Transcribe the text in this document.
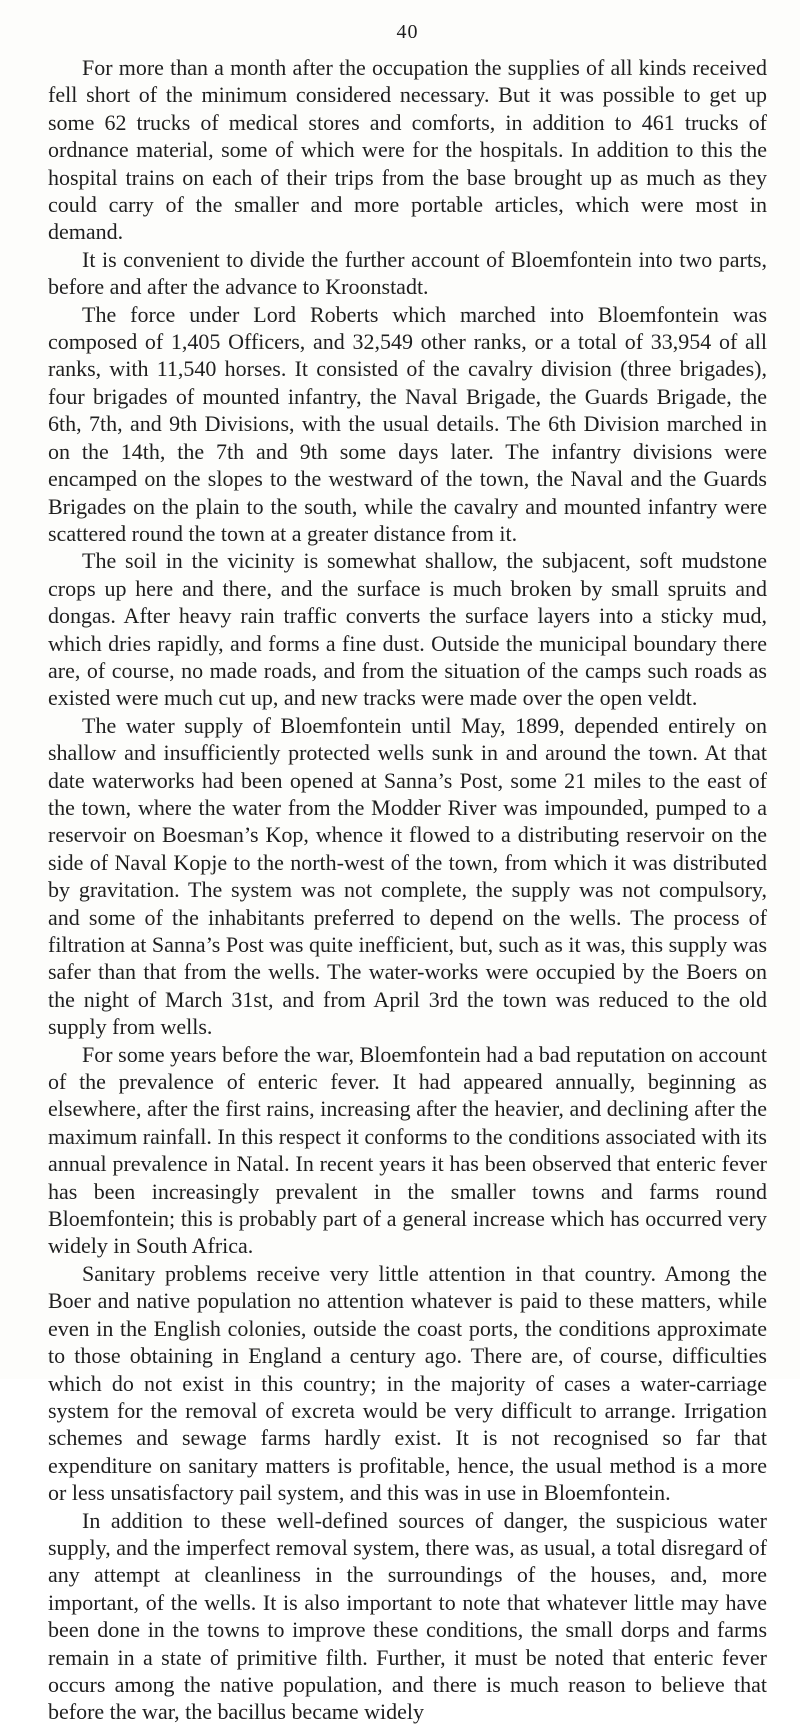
40

For more than a month after the occupation the supplies of all kinds received fell short of the minimum considered necessary. But it was possible to get up some 62 trucks of medical stores and comforts, in addition to 461 trucks of ordnance material, some of which were for the hospitals. In addition to this the hospital trains on each of their trips from the base brought up as much as they could carry of the smaller and more portable articles, which were most in demand.

It is convenient to divide the further account of Bloemfontein into two parts, before and after the advance to Kroonstadt.

The force under Lord Roberts which marched into Bloemfontein was composed of 1,405 Officers, and 32,549 other ranks, or a total of 33,954 of all ranks, with 11,540 horses. It consisted of the cavalry division (three brigades), four brigades of mounted infantry, the Naval Brigade, the Guards Brigade, the 6th, 7th, and 9th Divisions, with the usual details. The 6th Division marched in on the 14th, the 7th and 9th some days later. The infantry divisions were encamped on the slopes to the westward of the town, the Naval and the Guards Brigades on the plain to the south, while the cavalry and mounted infantry were scattered round the town at a greater distance from it.

The soil in the vicinity is somewhat shallow, the subjacent, soft mudstone crops up here and there, and the surface is much broken by small spruits and dongas. After heavy rain traffic converts the surface layers into a sticky mud, which dries rapidly, and forms a fine dust. Outside the municipal boundary there are, of course, no made roads, and from the situation of the camps such roads as existed were much cut up, and new tracks were made over the open veldt.

The water supply of Bloemfontein until May, 1899, depended entirely on shallow and insufficiently protected wells sunk in and around the town. At that date waterworks had been opened at Sanna’s Post, some 21 miles to the east of the town, where the water from the Modder River was impounded, pumped to a reservoir on Boesman’s Kop, whence it flowed to a distributing reservoir on the side of Naval Kopje to the north-west of the town, from which it was distributed by gravitation. The system was not complete, the supply was not compulsory, and some of the inhabitants preferred to depend on the wells. The process of filtration at Sanna’s Post was quite inefficient, but, such as it was, this supply was safer than that from the wells. The water-works were occupied by the Boers on the night of March 31st, and from April 3rd the town was reduced to the old supply from wells.

For some years before the war, Bloemfontein had a bad reputation on account of the prevalence of enteric fever. It had appeared annually, beginning as elsewhere, after the first rains, increasing after the heavier, and declining after the maximum rainfall. In this respect it conforms to the conditions associated with its annual prevalence in Natal. In recent years it has been observed that enteric fever has been increasingly prevalent in the smaller towns and farms round Bloemfontein; this is probably part of a general increase which has occurred very widely in South Africa.

Sanitary problems receive very little attention in that country. Among the Boer and native population no attention whatever is paid to these matters, while even in the English colonies, outside the coast ports, the conditions approximate to those obtaining in England a century ago. There are, of course, difficulties which do not exist in this country; in the majority of cases a water-carriage system for the removal of excreta would be very difficult to arrange. Irrigation schemes and sewage farms hardly exist. It is not recognised so far that expenditure on sanitary matters is profitable, hence, the usual method is a more or less unsatisfactory pail system, and this was in use in Bloemfontein.

In addition to these well-defined sources of danger, the suspicious water supply, and the imperfect removal system, there was, as usual, a total disregard of any attempt at cleanliness in the surroundings of the houses, and, more important, of the wells. It is also important to note that whatever little may have been done in the towns to improve these conditions, the small dorps and farms remain in a state of primitive filth. Further, it must be noted that enteric fever occurs among the native population, and there is much reason to believe that before the war, the bacillus became widely
